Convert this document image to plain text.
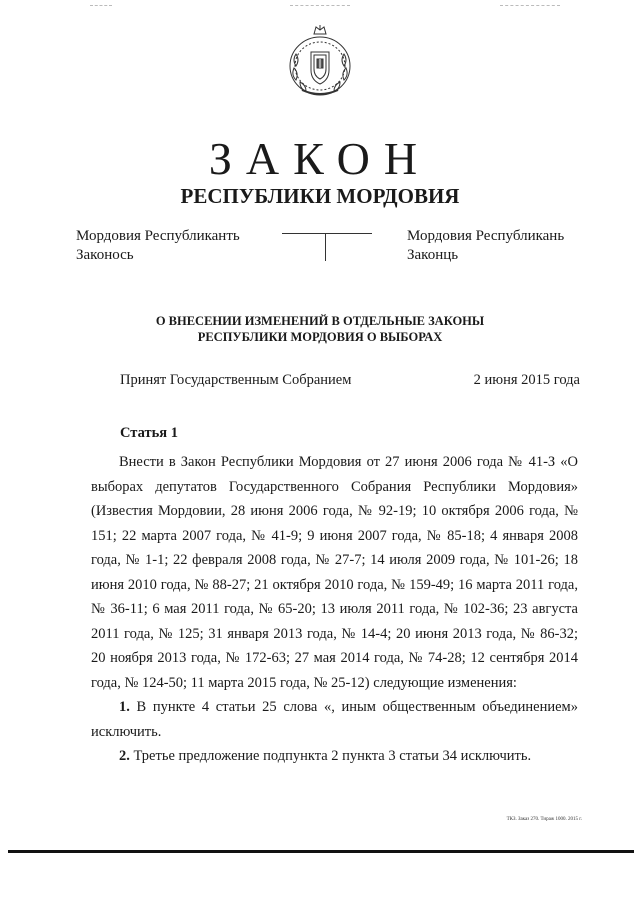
ЗАКОН
РЕСПУБЛИКИ МОРДОВИЯ
Мордовия Республиканть
Законось
Мордовия Республикань
Законць
О ВНЕСЕНИИ ИЗМЕНЕНИЙ В ОТДЕЛЬНЫЕ ЗАКОНЫ
РЕСПУБЛИКИ МОРДОВИЯ О ВЫБОРАХ
Принят Государственным Собранием	2 июня 2015 года
Статья 1

Внести в Закон Республики Мордовия от 27 июня 2006 года № 41-З «О выборах депутатов Государственного Собрания Республики Мордовия» (Известия Мордовии, 28 июня 2006 года, № 92-19; 10 октября 2006 года, № 151; 22 марта 2007 года, № 41-9; 9 июня 2007 года, № 85-18; 4 января 2008 года, № 1-1; 22 февраля 2008 года, № 27-7; 14 июля 2009 года, № 101-26; 18 июня 2010 года, № 88-27; 21 октября 2010 года, № 159-49; 16 марта 2011 года, № 36-11; 6 мая 2011 года, № 65-20; 13 июля 2011 года, № 102-36; 23 августа 2011 года, № 125; 31 января 2013 года, № 14-4; 20 июня 2013 года, № 86-32; 20 ноября 2013 года, № 172-63; 27 мая 2014 года, № 74-28; 12 сентября 2014 года, № 124-50; 11 марта 2015 года, № 25-12) следующие изменения:

1. В пункте 4 статьи 25 слова «, иным общественным объединением» исключить.

2. Третье предложение подпункта 2 пункта 3 статьи 34 исключить.

ТКЗ. Заказ 270. Тираж 1000. 2015 г.
